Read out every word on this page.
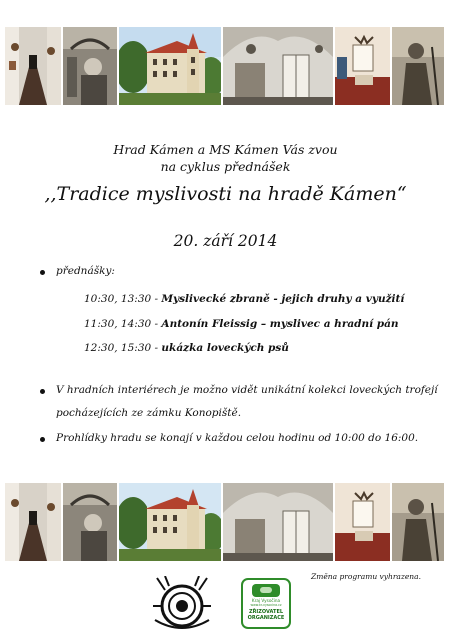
Hrad Kámen a MS Kámen Vás zvou
na cyklus přednášek
,,Tradice myslivosti na hradě Kámen“
20. září 2014
přednášky:
10:30, 13:30 - Myslivecké zbraně - jejich druhy a využití
11:30, 14:30 - Antonín Fleissig – myslivec a hradní pán
12:30, 15:30 - ukázka loveckých psů
V hradních interiérech je možno vidět unikátní kolekci loveckých trofejí
pocházejících ze zámku Konopiště.
Prohlídky hradu se konají v každou celou hodinu od 10:00 do 16:00.
Změna programu vyhrazena.
Kraj Vysočina
www.kr-vysocina.cz
ZŘIZOVATEL
ORGANIZACE
